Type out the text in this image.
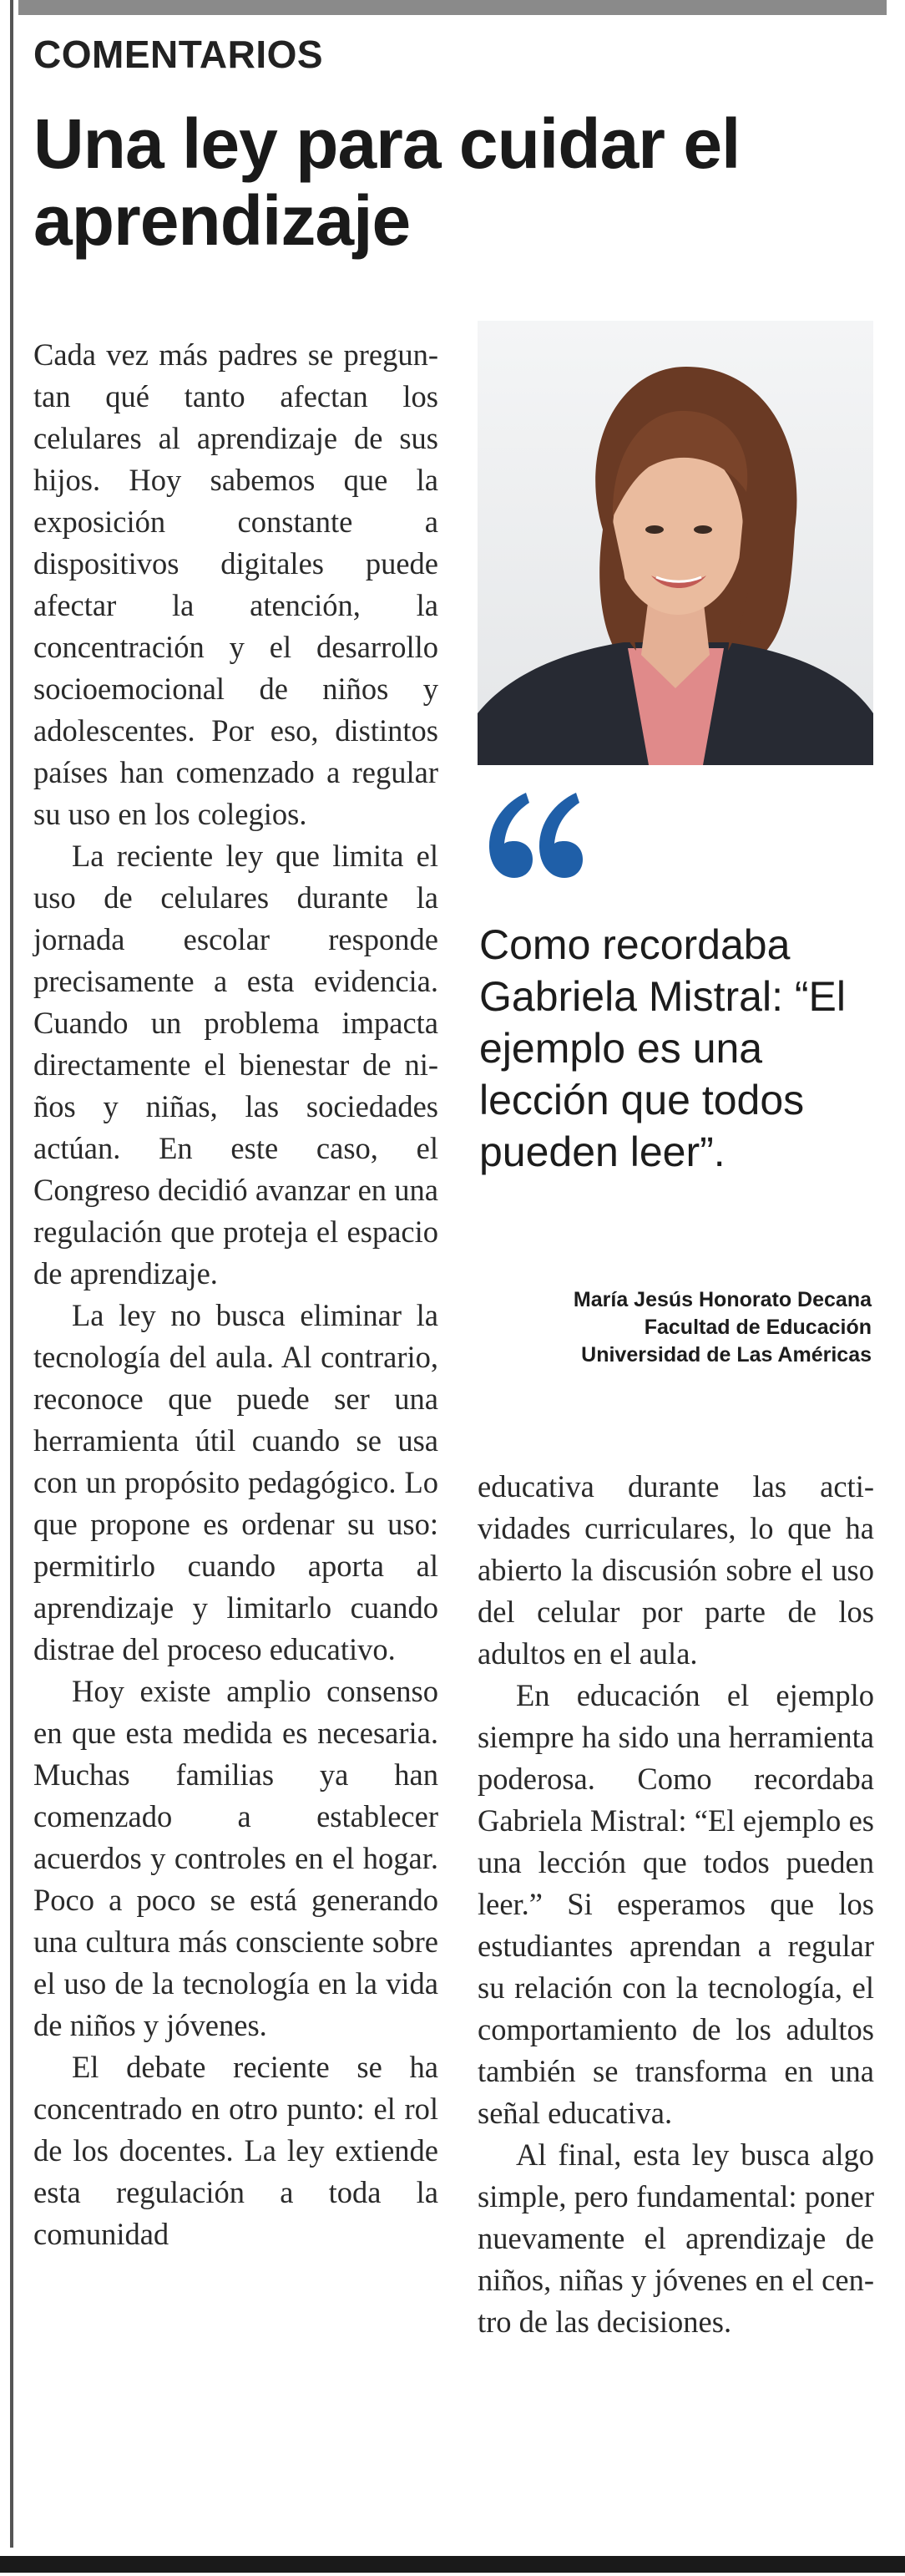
COMENTARIOS
Una ley para cuidar el aprendizaje

Cada vez más padres se preguntan qué tanto afectan los celulares al aprendizaje de sus hijos. Hoy sabemos que la exposición constante a dispositivos digitales puede afectar la atención, la concentración y el desarrollo socioemocional de niños y adolescentes. Por eso, distintos países han comenzado a regular su uso en los colegios.

La reciente ley que limita el uso de celulares durante la jornada escolar responde precisamente a esta evidencia. Cuando un problema impacta directamente el bienestar de niños y niñas, las sociedades actúan. En este caso, el Congreso decidió avanzar en una regulación que proteja el espacio de aprendizaje.

La ley no busca eliminar la tecnología del aula. Al contrario, reconoce que puede ser una herramienta útil cuando se usa con un propósito pedagógico. Lo que propone es ordenar su uso: permitirlo cuando aporta al aprendizaje y limitarlo cuando distrae del proceso educativo.

Hoy existe amplio consenso en que esta medida es necesaria. Muchas familias ya han comenzado a establecer acuerdos y controles en el hogar. Poco a poco se está generando una cultura más consciente sobre el uso de la tecnología en la vida de niños y jóvenes.

El debate reciente se ha concentrado en otro punto: el rol de los docentes. La ley extiende esta regulación a toda la comunidad

Como recordaba Gabriela Mistral: “El ejemplo es una lección que todos pueden leer”.

María Jesús Honorato Decana
Facultad de Educación
Universidad de Las Américas

educativa durante las actividades curriculares, lo que ha abierto la discusión sobre el uso del celular por parte de los adultos en el aula.

En educación el ejemplo siempre ha sido una herramienta poderosa. Como recordaba Gabriela Mistral: “El ejemplo es una lección que todos pueden leer.” Si esperamos que los estudiantes aprendan a regular su relación con la tecnología, el comportamiento de los adultos también se transforma en una señal educativa.

Al final, esta ley busca algo simple, pero fundamental: poner nuevamente el aprendizaje de niños, niñas y jóvenes en el centro de las decisiones.
